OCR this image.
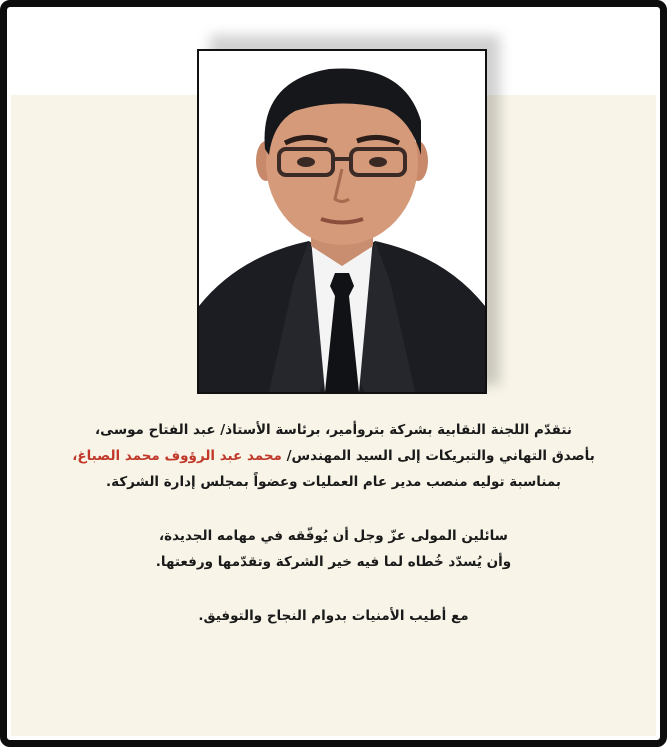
نتقدّم اللجنة النقابية بشركة بتروأمير، برئاسة الأستاذ/ عبد الفتاح موسى،
بأصدق التهاني والتبريكات إلى السيد المهندس/ محمد عبد الرؤوف محمد الصباغ،
بمناسبة توليه منصب مدير عام العمليات وعضواً بمجلس إدارة الشركة.
سائلين المولى عزّ وجل أن يُوفّقه في مهامه الجديدة،
وأن يُسدّد خُطاه لما فيه خير الشركة وتقدّمها ورفعتها.
مع أطيب الأمنيات بدوام النجاح والتوفيق.
